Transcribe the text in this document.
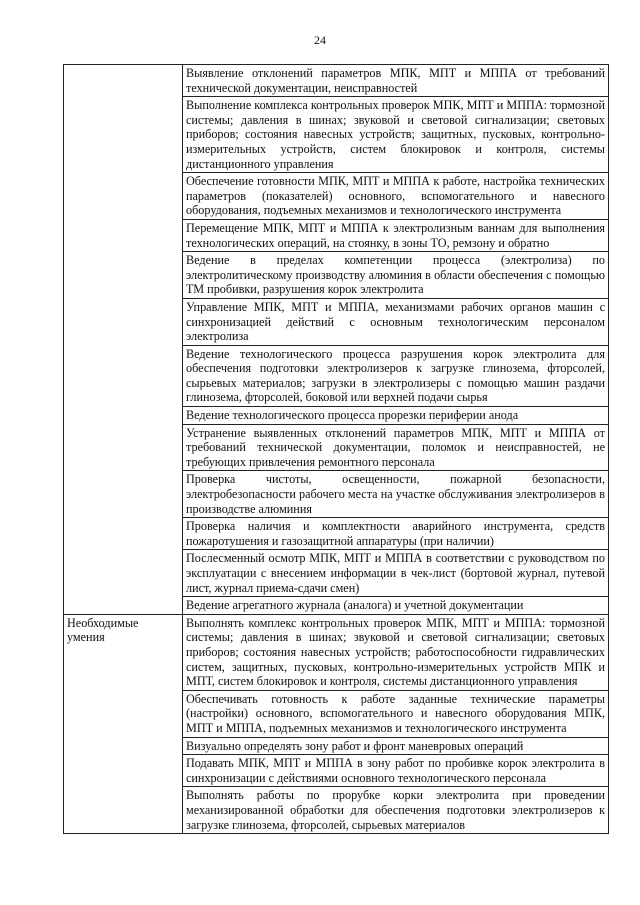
24

	Выявление отклонений параметров МПК, МПТ и МППА от требований технической документации, неисправностей

	Выполнение комплекса контрольных проверок МПК, МПТ и МППА: тормозной системы; давления в шинах; звуковой и световой сигнализации; световых приборов; состояния навесных устройств; защитных, пусковых, контрольно-измерительных устройств, систем блокировок и контроля, системы дистанционного управления

	Обеспечение готовности МПК, МПТ и МППА к работе, настройка технических параметров (показателей) основного, вспомогательного и навесного оборудования, подъемных механизмов и технологического инструмента

	Перемещение МПК, МПТ и МППА к электролизным ваннам для выполнения технологических операций, на стоянку, в зоны ТО, ремзону и обратно

	Ведение в пределах компетенции процесса (электролиза) по электролитическому производству алюминия в области обеспечения с помощью ТМ пробивки, разрушения корок электролита

	Управление МПК, МПТ и МППА, механизмами рабочих органов машин с синхронизацией действий с основным технологическим персоналом электролиза

	Ведение технологического процесса разрушения корок электролита для обеспечения подготовки электролизеров к загрузке глинозема, фторсолей, сырьевых материалов; загрузки в электролизеры с помощью машин раздачи глинозема, фторсолей, боковой или верхней подачи сырья

	Ведение технологического процесса прорезки периферии анода

	Устранение выявленных отклонений параметров МПК, МПТ и МППА от требований технической документации, поломок и неисправностей, не требующих привлечения ремонтного персонала

	Проверка чистоты, освещенности, пожарной безопасности, электробезопасности рабочего места на участке обслуживания электролизеров в производстве алюминия

	Проверка наличия и комплектности аварийного инструмента, средств пожаротушения и газозащитной аппаратуры (при наличии)

	Послесменный осмотр МПК, МПТ и МППА в соответствии с руководством по эксплуатации с внесением информации в чек-лист (бортовой журнал, путевой лист, журнал приема-сдачи смен)

	Ведение агрегатного журнала (аналога) и учетной документации

Необходимые умения	Выполнять комплекс контрольных проверок МПК, МПТ и МППА: тормозной системы; давления в шинах; звуковой и световой сигнализации; световых приборов; состояния навесных устройств; работоспособности гидравлических систем, защитных, пусковых, контрольно-измерительных устройств МПК и МПТ, систем блокировок и контроля, системы дистанционного управления

	Обеспечивать готовность к работе заданные технические параметры (настройки) основного, вспомогательного и навесного оборудования МПК, МПТ и МППА, подъемных механизмов и технологического инструмента

	Визуально определять зону работ и фронт маневровых операций

	Подавать МПК, МПТ и МППА в зону работ по пробивке корок электролита в синхронизации с действиями основного технологического персонала

	Выполнять работы по прорубке корки электролита при проведении механизированной обработки для обеспечения подготовки электролизеров к загрузке глинозема, фторсолей, сырьевых материалов
